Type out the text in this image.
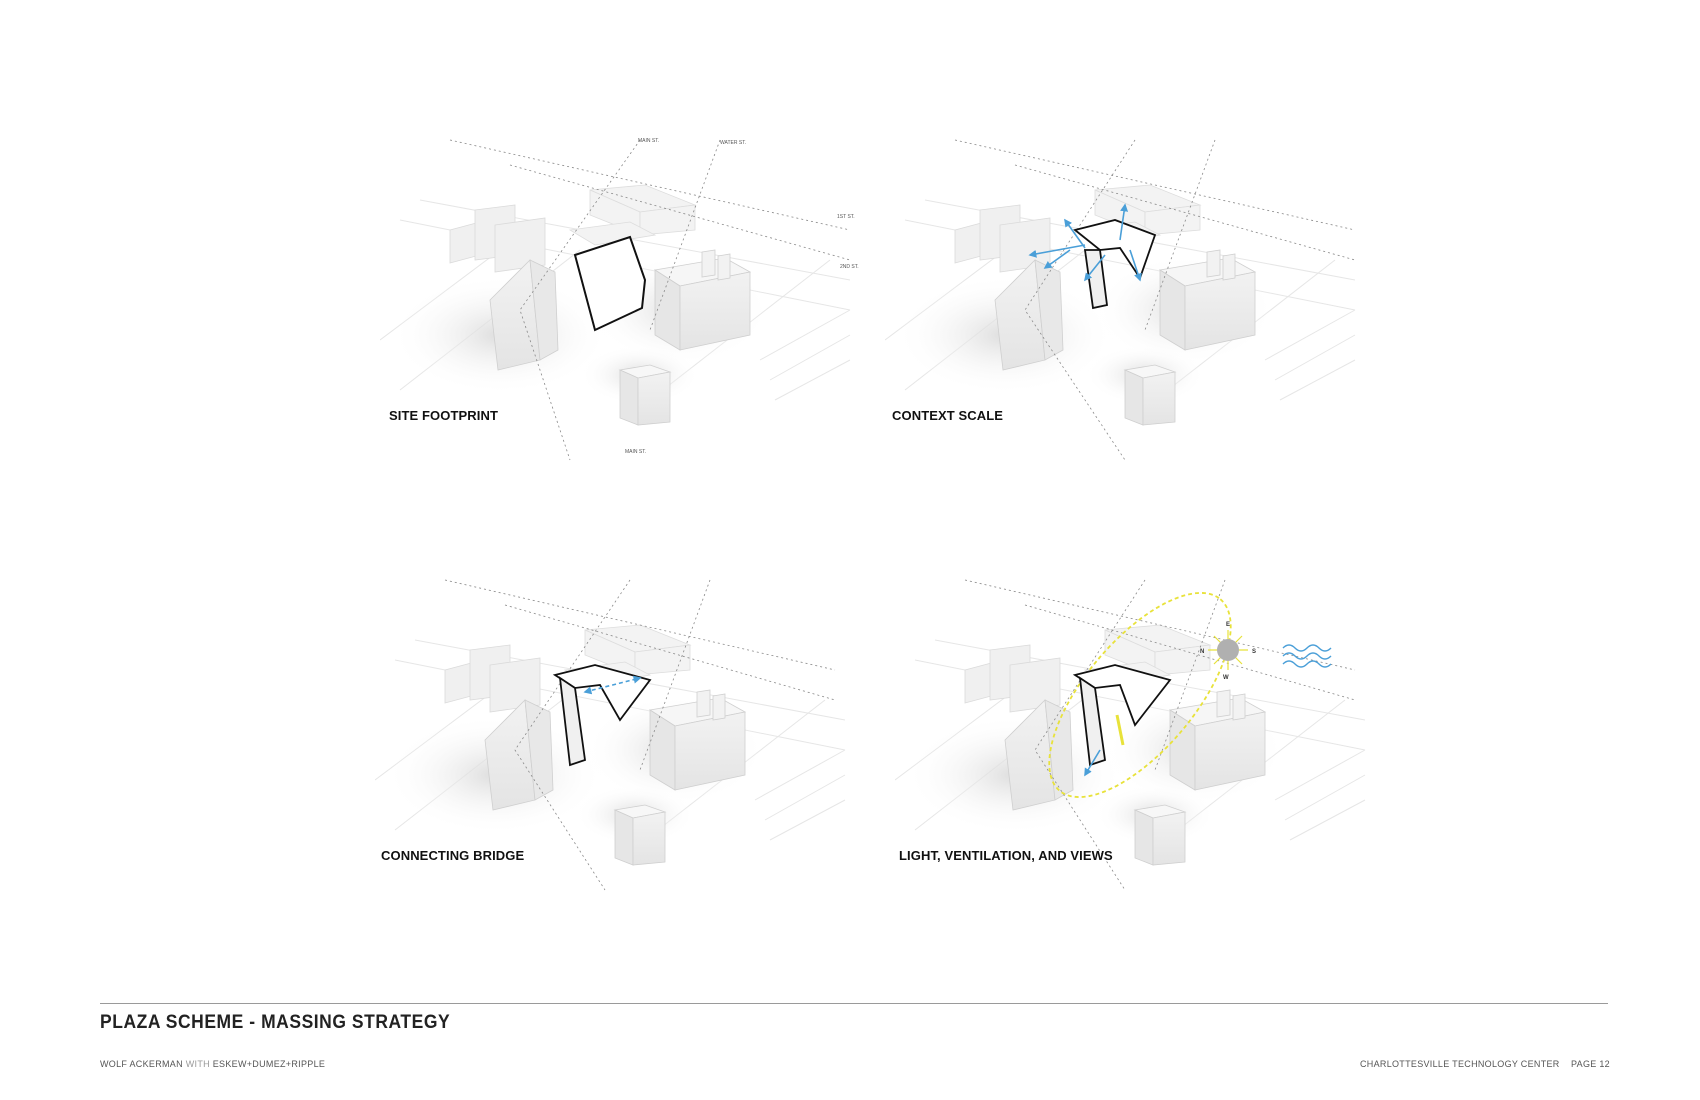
MAIN ST.	WATER ST.
1ST ST.
2ND ST.
MAIN ST.
SITE FOOTPRINT	CONTEXT SCALE
CONNECTING BRIDGE
E
N	S
W
LIGHT, VENTILATION, AND VIEWS
PLAZA SCHEME - MASSING STRATEGY
WOLF ACKERMAN WITH ESKEW+DUMEZ+RIPPLE	CHARLOTTESVILLE TECHNOLOGY CENTER PAGE 12
